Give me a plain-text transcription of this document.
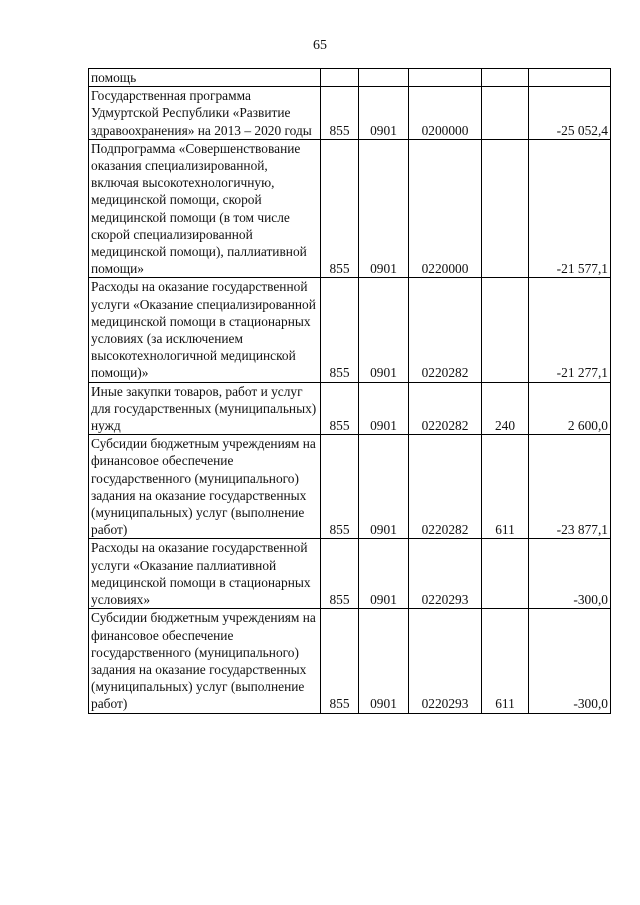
65
помощь					
Государственная программа Удмуртской Республики «Развитие здравоохранения» на 2013 – 2020 годы	855	0901	0200000		-25 052,4
Подпрограмма «Совершенствование оказания специализированной, включая высокотехнологичную, медицинской помощи, скорой медицинской помощи (в том числе скорой специализированной медицинской помощи), паллиативной помощи»	855	0901	0220000		-21 577,1
Расходы на оказание государственной услуги «Оказание специализированной медицинской помощи в стационарных условиях (за исключением высокотехнологичной медицинской помощи)»	855	0901	0220282		-21 277,1
Иные закупки товаров, работ и услуг для государственных (муниципальных) нужд	855	0901	0220282	240	2 600,0
Субсидии бюджетным учреждениям на финансовое обеспечение государственного (муниципального) задания на оказание государственных (муниципальных) услуг (выполнение работ)	855	0901	0220282	611	-23 877,1
Расходы на оказание государственной услуги «Оказание паллиативной медицинской помощи в стационарных условиях»	855	0901	0220293		-300,0
Субсидии бюджетным учреждениям на финансовое обеспечение государственного (муниципального) задания на оказание государственных (муниципальных) услуг (выполнение работ)	855	0901	0220293	611	-300,0
